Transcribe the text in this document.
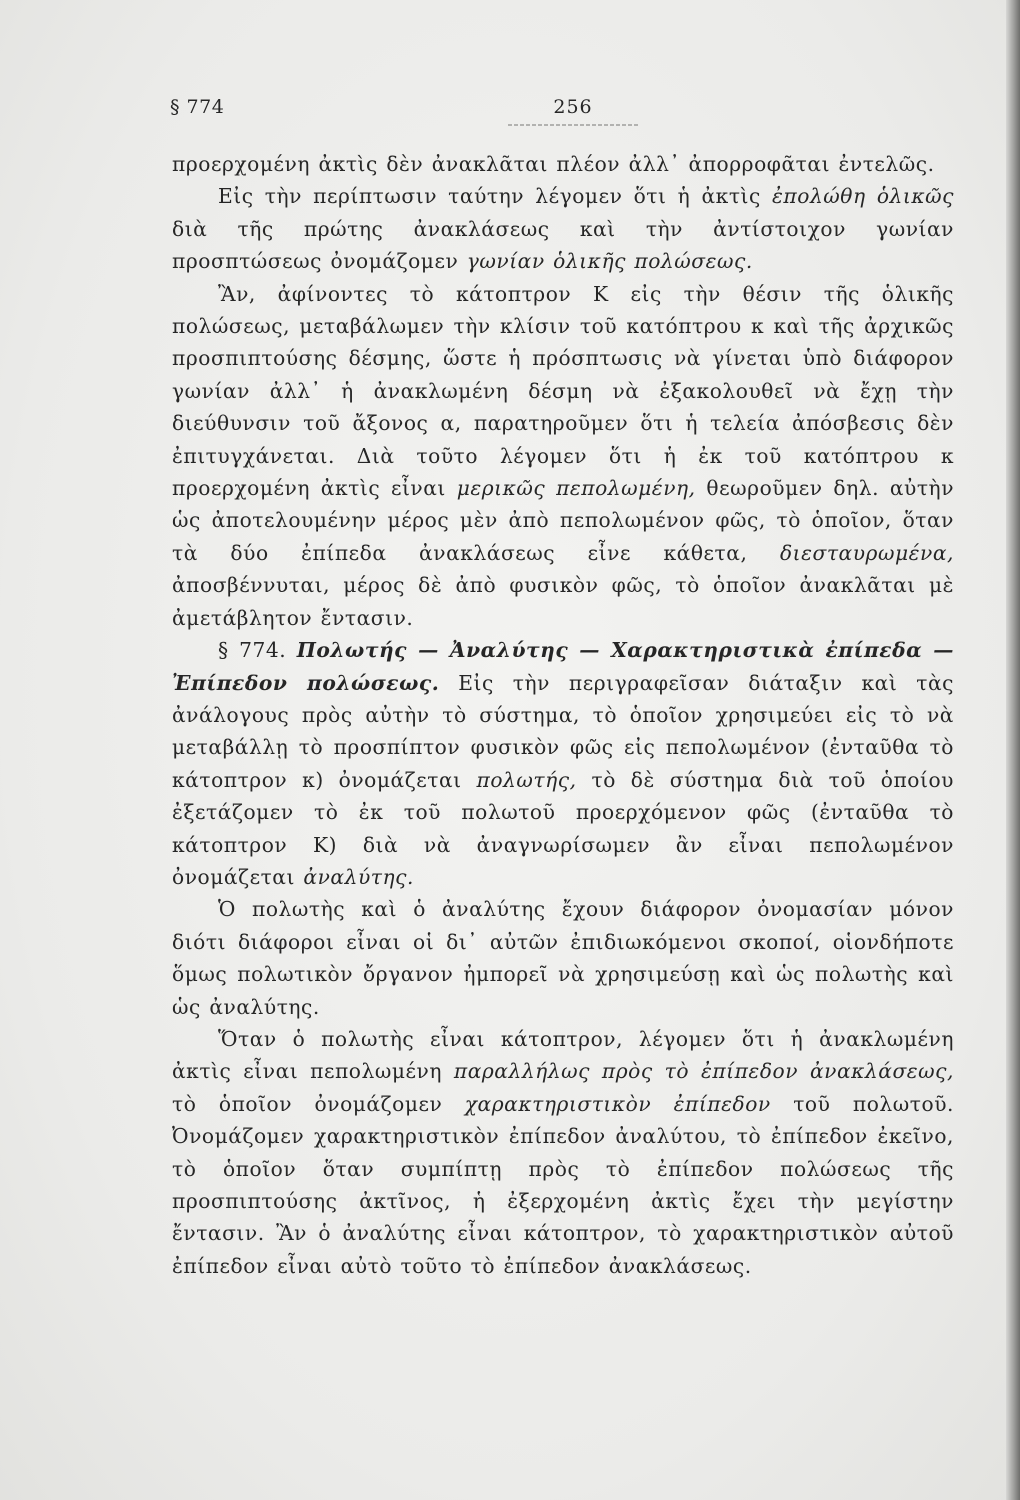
§ 774	256

προερχομένη ἀκτὶς δὲν ἀνακλᾶται πλέον ἀλλ᾽ ἀπορροφᾶται ἐντελῶς.

Εἰς τὴν περίπτωσιν ταύτην λέγομεν ὅτι ἡ ἀκτὶς ἐπολώθη ὁλικῶς διὰ τῆς πρώτης ἀνακλάσεως καὶ τὴν ἀντίστοιχον γωνίαν προσπτώσεως ὀνομάζομεν γωνίαν ὁλικῆς πολώσεως.

Ἂν, ἀφίνοντες τὸ κάτοπτρον Κ εἰς τὴν θέσιν τῆς ὁλικῆς πολώσεως, μεταβάλωμεν τὴν κλίσιν τοῦ κατόπτρου κ καὶ τῆς ἀρχικῶς προσπιπτούσης δέσμης, ὥστε ἡ πρόσπτωσις νὰ γίνεται ὑπὸ διάφορον γωνίαν ἀλλ᾽ ἡ ἀνακλωμένη δέσμη νὰ ἐξακολουθεῖ νὰ ἔχῃ τὴν διεύθυνσιν τοῦ ἄξονος α, παρατηροῦμεν ὅτι ἡ τελεία ἀπόσβεσις δὲν ἐπιτυγχάνεται. Διὰ τοῦτο λέγομεν ὅτι ἡ ἐκ τοῦ κατόπτρου κ προερχομένη ἀκτὶς εἶναι μερικῶς πεπολωμένη, θεωροῦμεν δηλ. αὐτὴν ὡς ἀποτελουμένην μέρος μὲν ἀπὸ πεπολωμένον φῶς, τὸ ὁποῖον, ὅταν τὰ δύο ἐπίπεδα ἀνακλάσεως εἶνε κάθετα, διεσταυρωμένα, ἀποσβέννυται, μέρος δὲ ἀπὸ φυσικὸν φῶς, τὸ ὁποῖον ἀνακλᾶται μὲ ἀμετάβλητον ἔντασιν.

§ 774. Πολωτής — Ἀναλύτης — Χαρακτηριστικὰ ἐπίπεδα — Ἐπίπεδον πολώσεως. Εἰς τὴν περιγραφεῖσαν διάταξιν καὶ τὰς ἀνάλογους πρὸς αὐτὴν τὸ σύστημα, τὸ ὁποῖον χρησιμεύει εἰς τὸ νὰ μεταβάλλῃ τὸ προσπίπτον φυσικὸν φῶς εἰς πεπολωμένον (ἐνταῦθα τὸ κάτοπτρον κ) ὀνομάζεται πολωτής, τὸ δὲ σύστημα διὰ τοῦ ὁποίου ἐξετάζομεν τὸ ἐκ τοῦ πολωτοῦ προερχόμενον φῶς (ἐνταῦθα τὸ κάτοπτρον Κ) διὰ νὰ ἀναγνωρίσωμεν ἂν εἶναι πεπολωμένον ὀνομάζεται ἀναλύτης.

Ὁ πολωτὴς καὶ ὁ ἀναλύτης ἔχουν διάφορον ὀνομασίαν μόνον διότι διάφοροι εἶναι οἱ δι᾽ αὐτῶν ἐπιδιωκόμενοι σκοποί, οἱονδήποτε ὅμως πολωτικὸν ὄργανον ἠμπορεῖ νὰ χρησιμεύσῃ καὶ ὡς πολωτὴς καὶ ὡς ἀναλύτης.

Ὅταν ὁ πολωτὴς εἶναι κάτοπτρον, λέγομεν ὅτι ἡ ἀνακλωμένη ἀκτὶς εἶναι πεπολωμένη παραλλήλως πρὸς τὸ ἐπίπεδον ἀνακλάσεως, τὸ ὁποῖον ὀνομάζομεν χαρακτηριστικὸν ἐπίπεδον τοῦ πολωτοῦ. Ὀνομάζομεν χαρακτηριστικὸν ἐπίπεδον ἀναλύτου, τὸ ἐπίπεδον ἐκεῖνο, τὸ ὁποῖον ὅταν συμπίπτῃ πρὸς τὸ ἐπίπεδον πολώσεως τῆς προσπιπτούσης ἀκτῖνος, ἡ ἐξερχομένη ἀκτὶς ἔχει τὴν μεγίστην ἔντασιν. Ἂν ὁ ἀναλύτης εἶναι κάτοπτρον, τὸ χαρακτηριστικὸν αὐτοῦ ἐπίπεδον εἶναι αὐτὸ τοῦτο τὸ ἐπίπεδον ἀνακλάσεως.
